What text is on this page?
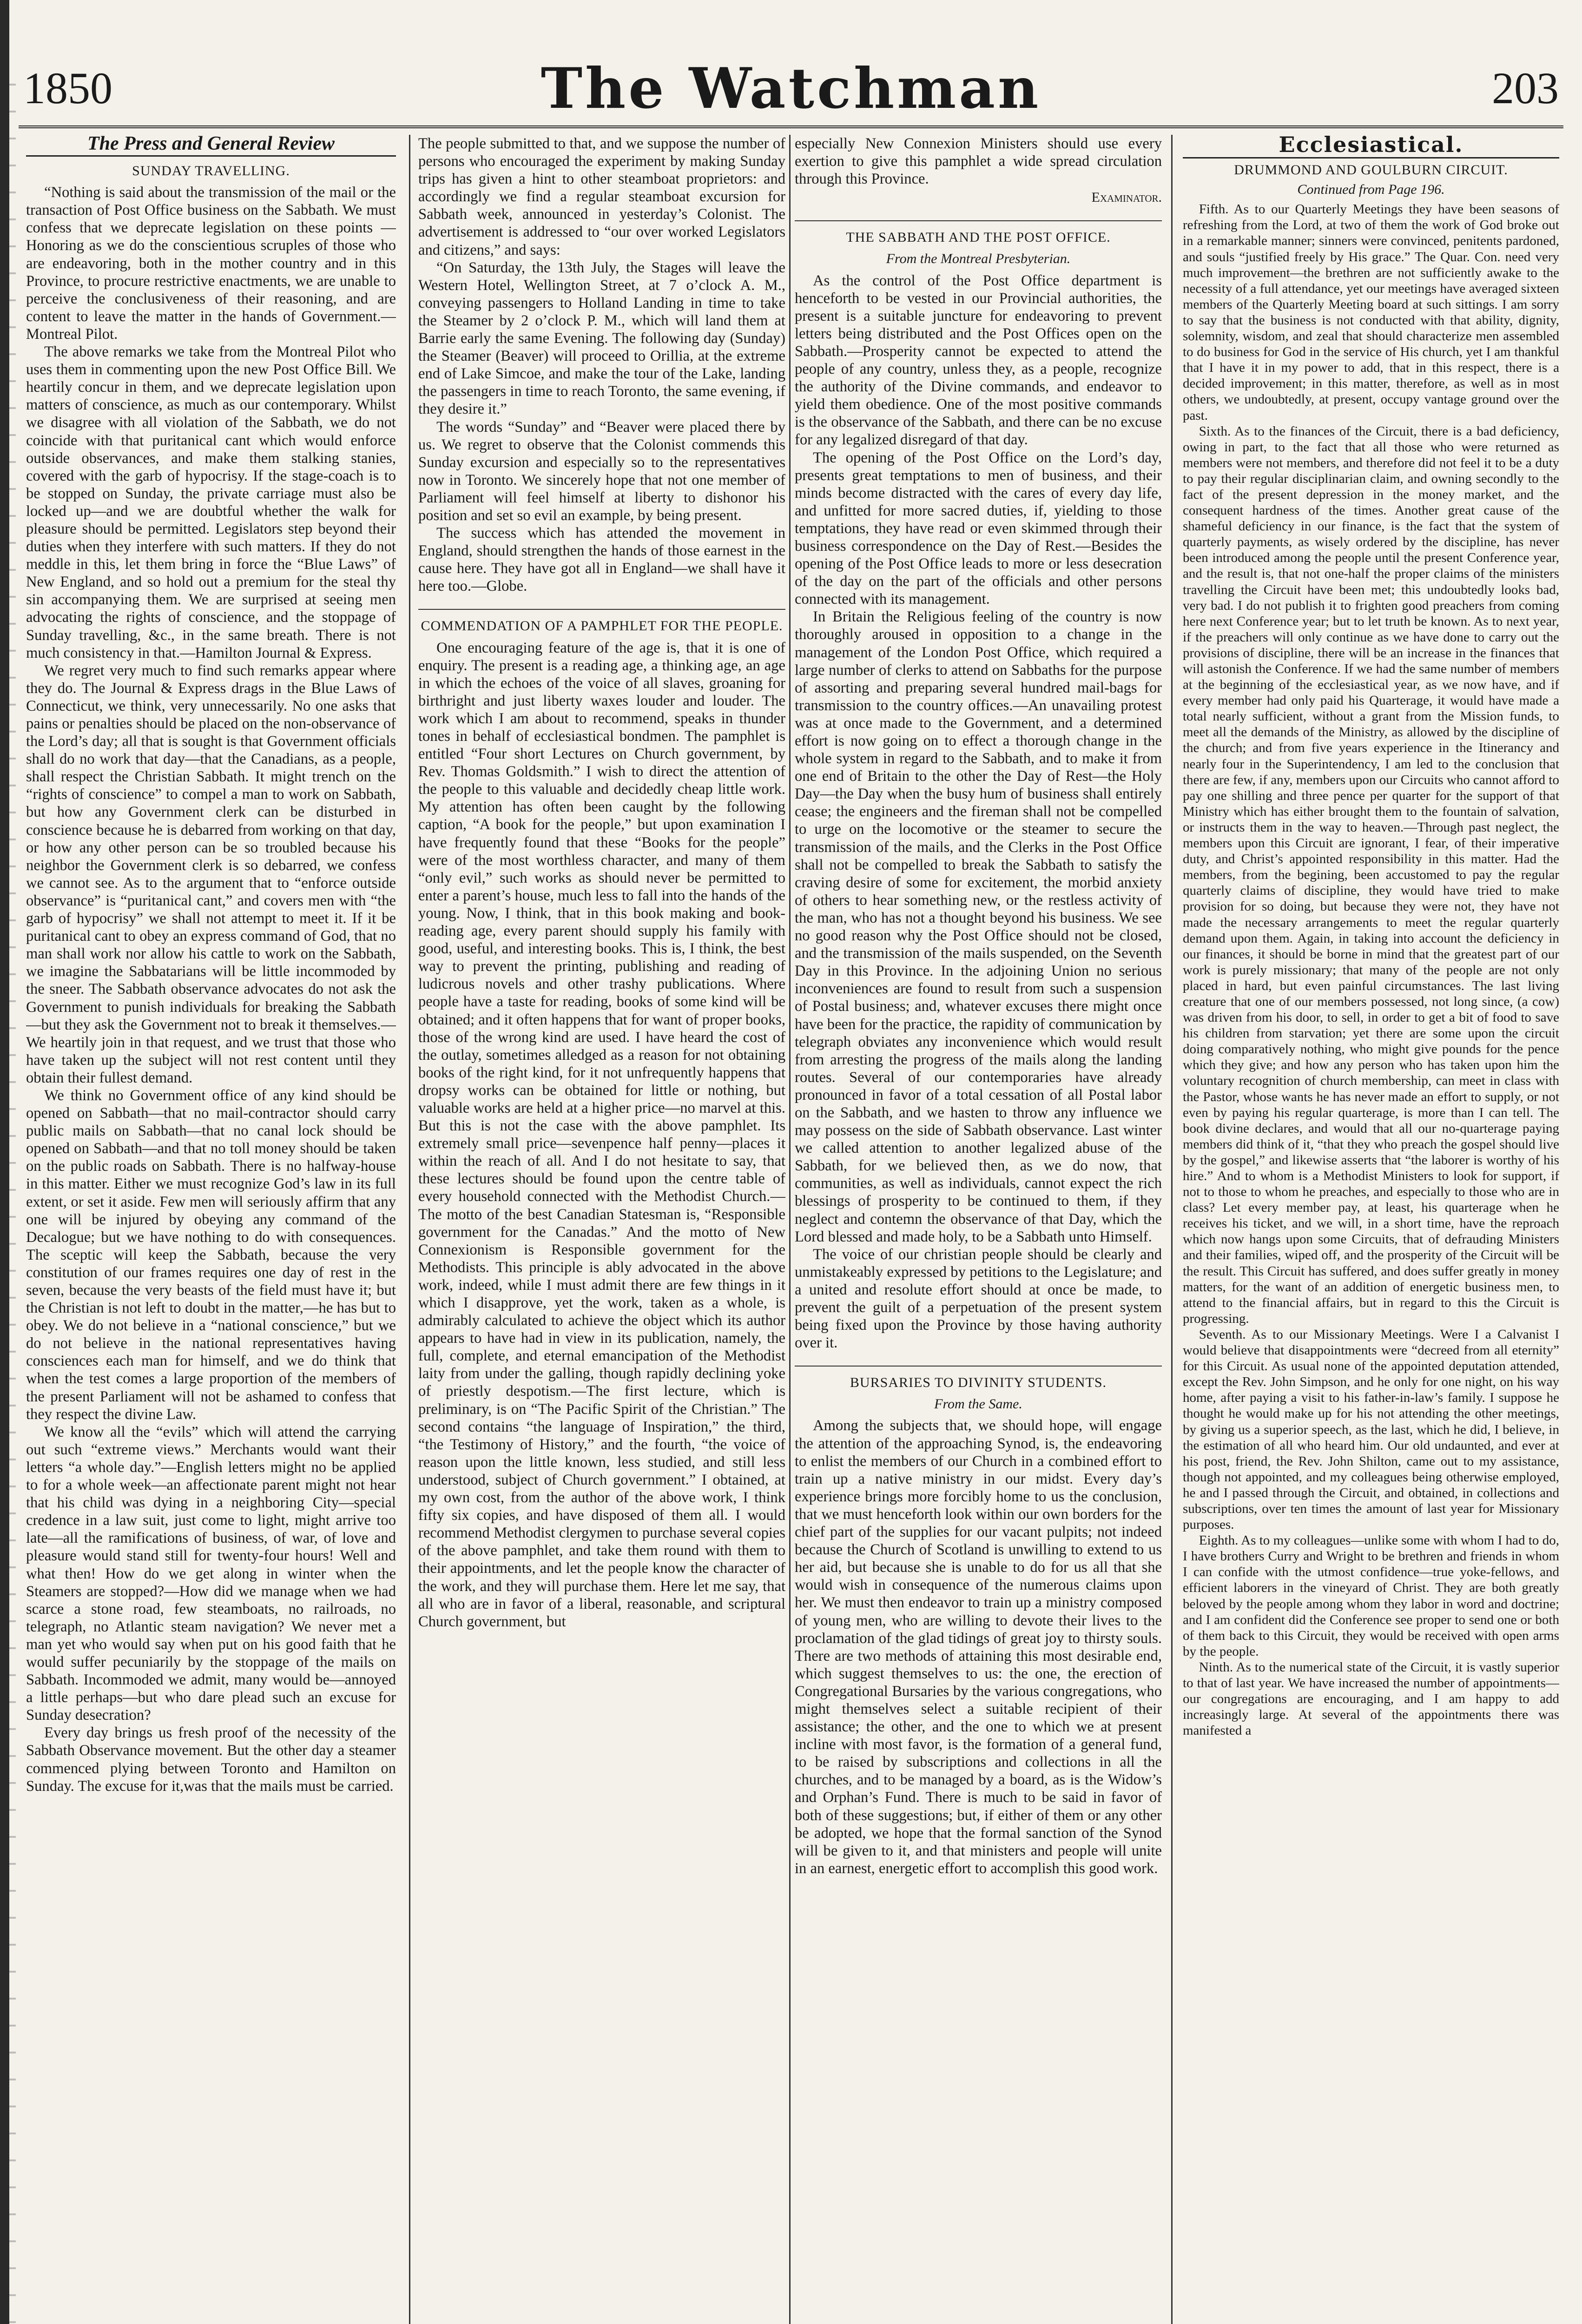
1850	The Watchman	203
The Press and General Review
SUNDAY TRAVELLING.

“Nothing is said about the transmission of the mail or the transaction of Post Office business on the Sabbath. We must confess that we deprecate legislation on these points — Honoring as we do the conscientious scruples of those who are endeavoring, both in the mother country and in this Province, to procure restrictive enactments, we are unable to perceive the conclusiveness of their reasoning, and are content to leave the matter in the hands of Government.—Montreal Pilot.

The above remarks we take from the Montreal Pilot who uses them in commenting upon the new Post Office Bill. We heartily concur in them, and we deprecate legislation upon matters of conscience, as much as our contemporary. Whilst we disagree with all violation of the Sabbath, we do not coincide with that puritanical cant which would enforce outside observances, and make them stalking stanies, covered with the garb of hypocrisy. If the stage-coach is to be stopped on Sunday, the private carriage must also be locked up—and we are doubtful whether the walk for pleasure should be permitted. Legislators step beyond their duties when they interfere with such matters. If they do not meddle in this, let them bring in force the “Blue Laws” of New England, and so hold out a premium for the steal thy sin accompanying them. We are surprised at seeing men advocating the rights of conscience, and the stoppage of Sunday travelling, &c., in the same breath. There is not much consistency in that.—Hamilton Journal & Express.

We regret very much to find such remarks appear where they do. The Journal & Express drags in the Blue Laws of Connecticut, we think, very unnecessarily. No one asks that pains or penalties should be placed on the non-observance of the Lord’s day; all that is sought is that Government officials shall do no work that day—that the Canadians, as a people, shall respect the Christian Sabbath. It might trench on the “rights of conscience” to compel a man to work on Sabbath, but how any Government clerk can be disturbed in conscience because he is debarred from working on that day, or how any other person can be so troubled because his neighbor the Government clerk is so debarred, we confess we cannot see. As to the argument that to “enforce outside observance” is “puritanical cant,” and covers men with “the garb of hypocrisy” we shall not attempt to meet it. If it be puritanical cant to obey an express command of God, that no man shall work nor allow his cattle to work on the Sabbath, we imagine the Sabbatarians will be little incommoded by the sneer. The Sabbath observance advocates do not ask the Government to punish individuals for breaking the Sabbath—but they ask the Government not to break it themselves.—We heartily join in that request, and we trust that those who have taken up the subject will not rest content until they obtain their fullest demand.

We think no Government office of any kind should be opened on Sabbath—that no mail-contractor should carry public mails on Sabbath—that no canal lock should be opened on Sabbath—and that no toll money should be taken on the public roads on Sabbath. There is no halfway-house in this matter. Either we must recognize God’s law in its full extent, or set it aside. Few men will seriously affirm that any one will be injured by obeying any command of the Decalogue; but we have nothing to do with consequences. The sceptic will keep the Sabbath, because the very constitution of our frames requires one day of rest in the seven, because the very beasts of the field must have it; but the Christian is not left to doubt in the matter,—he has but to obey. We do not believe in a “national conscience,” but we do not believe in the national representatives having consciences each man for himself, and we do think that when the test comes a large proportion of the members of the present Parliament will not be ashamed to confess that they respect the divine Law.

We know all the “evils” which will attend the carrying out such “extreme views.” Merchants would want their letters “a whole day.”—English letters might no be applied to for a whole week—an affectionate parent might not hear that his child was dying in a neighboring City—special credence in a law suit, just come to light, might arrive too late—all the ramifications of business, of war, of love and pleasure would stand still for twenty-four hours! Well and what then! How do we get along in winter when the Steamers are stopped?—How did we manage when we had scarce a stone road, few steamboats, no railroads, no telegraph, no Atlantic steam navigation? We never met a man yet who would say when put on his good faith that he would suffer pecuniarily by the stoppage of the mails on Sabbath. Incommoded we admit, many would be—annoyed a little perhaps—but who dare plead such an excuse for Sunday desecration?

Every day brings us fresh proof of the necessity of the Sabbath Observance movement. But the other day a steamer commenced plying between Toronto and Hamilton on Sunday. The excuse for it,was that the mails must be carried.

The people submitted to that, and we suppose the number of persons who encouraged the experiment by making Sunday trips has given a hint to other steamboat proprietors: and accordingly we find a regular steamboat excursion for Sabbath week, announced in yesterday’s Colonist. The advertisement is addressed to “our over worked Legislators and citizens,” and says:

“On Saturday, the 13th July, the Stages will leave the Western Hotel, Wellington Street, at 7 o’clock A. M., conveying passengers to Holland Landing in time to take the Steamer by 2 o’clock P. M., which will land them at Barrie early the same Evening. The following day (Sunday) the Steamer (Beaver) will proceed to Orillia, at the extreme end of Lake Simcoe, and make the tour of the Lake, landing the passengers in time to reach Toronto, the same evening, if they desire it.”

The words “Sunday” and “Beaver were placed there by us. We regret to observe that the Colonist commends this Sunday excursion and especially so to the representatives now in Toronto. We sincerely hope that not one member of Parliament will feel himself at liberty to dishonor his position and set so evil an example, by being present.

The success which has attended the movement in England, should strengthen the hands of those earnest in the cause here. They have got all in England—we shall have it here too.—Globe.

COMMENDATION OF A PAMPHLET FOR THE PEOPLE.

One encouraging feature of the age is, that it is one of enquiry. The present is a reading age, a thinking age, an age in which the echoes of the voice of all slaves, groaning for birthright and just liberty waxes louder and louder. The work which I am about to recommend, speaks in thunder tones in behalf of ecclesiastical bondmen. The pamphlet is entitled “Four short Lectures on Church government, by Rev. Thomas Goldsmith.” I wish to direct the attention of the people to this valuable and decidedly cheap little work. My attention has often been caught by the following caption, “A book for the people,” but upon examination I have frequently found that these “Books for the people” were of the most worthless character, and many of them “only evil,” such works as should never be permitted to enter a parent’s house, much less to fall into the hands of the young. Now, I think, that in this book making and book-reading age, every parent should supply his family with good, useful, and interesting books. This is, I think, the best way to prevent the printing, publishing and reading of ludicrous novels and other trashy publications. Where people have a taste for reading, books of some kind will be obtained; and it often happens that for want of proper books, those of the wrong kind are used. I have heard the cost of the outlay, sometimes alledged as a reason for not obtaining books of the right kind, for it not unfrequently happens that dropsy works can be obtained for little or nothing, but valuable works are held at a higher price—no marvel at this. But this is not the case with the above pamphlet. Its extremely small price—sevenpence half penny—places it within the reach of all. And I do not hesitate to say, that these lectures should be found upon the centre table of every household connected with the Methodist Church.—The motto of the best Canadian Statesman is, “Responsible government for the Canadas.” And the motto of New Connexionism is Responsible government for the Methodists. This principle is ably advocated in the above work, indeed, while I must admit there are few things in it which I disapprove, yet the work, taken as a whole, is admirably calculated to achieve the object which its author appears to have had in view in its publication, namely, the full, complete, and eternal emancipation of the Methodist laity from under the galling, though rapidly declining yoke of priestly despotism.—The first lecture, which is preliminary, is on “The Pacific Spirit of the Christian.” The second contains “the language of Inspiration,” the third, “the Testimony of History,” and the fourth, “the voice of reason upon the little known, less studied, and still less understood, subject of Church government.” I obtained, at my own cost, from the author of the above work, I think fifty six copies, and have disposed of them all. I would recommend Methodist clergymen to purchase several copies of the above pamphlet, and take them round with them to their appointments, and let the people know the character of the work, and they will purchase them. Here let me say, that all who are in favor of a liberal, reasonable, and scriptural Church government, but

especially New Connexion Ministers should use every exertion to give this pamphlet a wide spread circulation through this Province.

Examinator.
THE SABBATH AND THE POST OFFICE.
From the Montreal Presbyterian.

As the control of the Post Office department is henceforth to be vested in our Provincial authorities, the present is a suitable juncture for endeavoring to prevent letters being distributed and the Post Offices open on the Sabbath.—Prosperity cannot be expected to attend the people of any country, unless they, as a people, recognize the authority of the Divine commands, and endeavor to yield them obedience. One of the most positive commands is the observance of the Sabbath, and there can be no excuse for any legalized disregard of that day.

The opening of the Post Office on the Lord’s day, presents great temptations to men of business, and their minds become distracted with the cares of every day life, and unfitted for more sacred duties, if, yielding to those temptations, they have read or even skimmed through their business correspondence on the Day of Rest.—Besides the opening of the Post Office leads to more or less desecration of the day on the part of the officials and other persons connected with its management.

In Britain the Religious feeling of the country is now thoroughly aroused in opposition to a change in the management of the London Post Office, which required a large number of clerks to attend on Sabbaths for the purpose of assorting and preparing several hundred mail-bags for transmission to the country offices.—An unavailing protest was at once made to the Government, and a determined effort is now going on to effect a thorough change in the whole system in regard to the Sabbath, and to make it from one end of Britain to the other the Day of Rest—the Holy Day—the Day when the busy hum of business shall entirely cease; the engineers and the fireman shall not be compelled to urge on the locomotive or the steamer to secure the transmission of the mails, and the Clerks in the Post Office shall not be compelled to break the Sabbath to satisfy the craving desire of some for excitement, the morbid anxiety of others to hear something new, or the restless activity of the man, who has not a thought beyond his business. We see no good reason why the Post Office should not be closed, and the transmission of the mails suspended, on the Seventh Day in this Province. In the adjoining Union no serious inconveniences are found to result from such a suspension of Postal business; and, whatever excuses there might once have been for the practice, the rapidity of communication by telegraph obviates any inconvenience which would result from arresting the progress of the mails along the landing routes. Several of our contemporaries have already pronounced in favor of a total cessation of all Postal labor on the Sabbath, and we hasten to throw any influence we may possess on the side of Sabbath observance. Last winter we called attention to another legalized abuse of the Sabbath, for we believed then, as we do now, that communities, as well as individuals, cannot expect the rich blessings of prosperity to be continued to them, if they neglect and contemn the observance of that Day, which the Lord blessed and made holy, to be a Sabbath unto Himself.

The voice of our christian people should be clearly and unmistakeably expressed by petitions to the Legislature; and a united and resolute effort should at once be made, to prevent the guilt of a perpetuation of the present system being fixed upon the Province by those having authority over it.

BURSARIES TO DIVINITY STUDENTS.
From the Same.

Among the subjects that, we should hope, will engage the attention of the approaching Synod, is, the endeavoring to enlist the members of our Church in a combined effort to train up a native ministry in our midst. Every day’s experience brings more forcibly home to us the conclusion, that we must henceforth look within our own borders for the chief part of the supplies for our vacant pulpits; not indeed because the Church of Scotland is unwilling to extend to us her aid, but because she is unable to do for us all that she would wish in consequence of the numerous claims upon her. We must then endeavor to train up a ministry composed of young men, who are willing to devote their lives to the proclamation of the glad tidings of great joy to thirsty souls. There are two methods of attaining this most desirable end, which suggest themselves to us: the one, the erection of Congregational Bursaries by the various congregations, who might themselves select a suitable recipient of their assistance; the other, and the one to which we at present incline with most favor, is the formation of a general fund, to be raised by subscriptions and collections in all the churches, and to be managed by a board, as is the Widow’s and Orphan’s Fund. There is much to be said in favor of both of these suggestions; but, if either of them or any other be adopted, we hope that the formal sanction of the Synod will be given to it, and that ministers and people will unite in an earnest, energetic effort to accomplish this good work.

Ecclesiastical.
DRUMMOND AND GOULBURN CIRCUIT.
Continued from Page 196.

Fifth. As to our Quarterly Meetings they have been seasons of refreshing from the Lord, at two of them the work of God broke out in a remarkable manner; sinners were convinced, penitents pardoned, and souls “justified freely by His grace.” The Quar. Con. need very much improvement—the brethren are not sufficiently awake to the necessity of a full attendance, yet our meetings have averaged sixteen members of the Quarterly Meeting board at such sittings. I am sorry to say that the business is not conducted with that ability, dignity, solemnity, wisdom, and zeal that should characterize men assembled to do business for God in the service of His church, yet I am thankful that I have it in my power to add, that in this respect, there is a decided improvement; in this matter, therefore, as well as in most others, we undoubtedly, at present, occupy vantage ground over the past.

Sixth. As to the finances of the Circuit, there is a bad deficiency, owing in part, to the fact that all those who were returned as members were not members, and therefore did not feel it to be a duty to pay their regular disciplinarian claim, and owning secondly to the fact of the present depression in the money market, and the consequent hardness of the times. Another great cause of the shameful deficiency in our finance, is the fact that the system of quarterly payments, as wisely ordered by the discipline, has never been introduced among the people until the present Conference year, and the result is, that not one-half the proper claims of the ministers travelling the Circuit have been met; this undoubtedly looks bad, very bad. I do not publish it to frighten good preachers from coming here next Conference year; but to let truth be known. As to next year, if the preachers will only continue as we have done to carry out the provisions of discipline, there will be an increase in the finances that will astonish the Conference. If we had the same number of members at the beginning of the ecclesiastical year, as we now have, and if every member had only paid his Quarterage, it would have made a total nearly sufficient, without a grant from the Mission funds, to meet all the demands of the Ministry, as allowed by the discipline of the church; and from five years experience in the Itinerancy and nearly four in the Superintendency, I am led to the conclusion that there are few, if any, members upon our Circuits who cannot afford to pay one shilling and three pence per quarter for the support of that Ministry which has either brought them to the fountain of salvation, or instructs them in the way to heaven.—Through past neglect, the members upon this Circuit are ignorant, I fear, of their imperative duty, and Christ’s appointed responsibility in this matter. Had the members, from the begining, been accustomed to pay the regular quarterly claims of discipline, they would have tried to make provision for so doing, but because they were not, they have not made the necessary arrangements to meet the regular quarterly demand upon them. Again, in taking into account the deficiency in our finances, it should be borne in mind that the greatest part of our work is purely missionary; that many of the people are not only placed in hard, but even painful circumstances. The last living creature that one of our members possessed, not long since, (a cow) was driven from his door, to sell, in order to get a bit of food to save his children from starvation; yet there are some upon the circuit doing comparatively nothing, who might give pounds for the pence which they give; and how any person who has taken upon him the voluntary recognition of church membership, can meet in class with the Pastor, whose wants he has never made an effort to supply, or not even by paying his regular quarterage, is more than I can tell. The book divine declares, and would that all our no-quarterage paying members did think of it, “that they who preach the gospel should live by the gospel,” and likewise asserts that “the laborer is worthy of his hire.” And to whom is a Methodist Ministers to look for support, if not to those to whom he preaches, and especially to those who are in class? Let every member pay, at least, his quarterage when he receives his ticket, and we will, in a short time, have the reproach which now hangs upon some Circuits, that of defrauding Ministers and their families, wiped off, and the prosperity of the Circuit will be the result. This Circuit has suffered, and does suffer greatly in money matters, for the want of an addition of energetic business men, to attend to the financial affairs, but in regard to this the Circuit is progressing.

Seventh. As to our Missionary Meetings. Were I a Calvanist I would believe that disappointments were “decreed from all eternity” for this Circuit. As usual none of the appointed deputation attended, except the Rev. John Simpson, and he only for one night, on his way home, after paying a visit to his father-in-law’s family. I suppose he thought he would make up for his not attending the other meetings, by giving us a superior speech, as the last, which he did, I believe, in the estimation of all who heard him. Our old undaunted, and ever at his post, friend, the Rev. John Shilton, came out to my assistance, though not appointed, and my colleagues being otherwise employed, he and I passed through the Circuit, and obtained, in collections and subscriptions, over ten times the amount of last year for Missionary purposes.

Eighth. As to my colleagues—unlike some with whom I had to do, I have brothers Curry and Wright to be brethren and friends in whom I can confide with the utmost confidence—true yoke-fellows, and efficient laborers in the vineyard of Christ. They are both greatly beloved by the people among whom they labor in word and doctrine; and I am confident did the Conference see proper to send one or both of them back to this Circuit, they would be received with open arms by the people.

Ninth. As to the numerical state of the Circuit, it is vastly superior to that of last year. We have increased the number of appointments—our congregations are encouraging, and I am happy to add increasingly large. At several of the appointments there was manifested a
